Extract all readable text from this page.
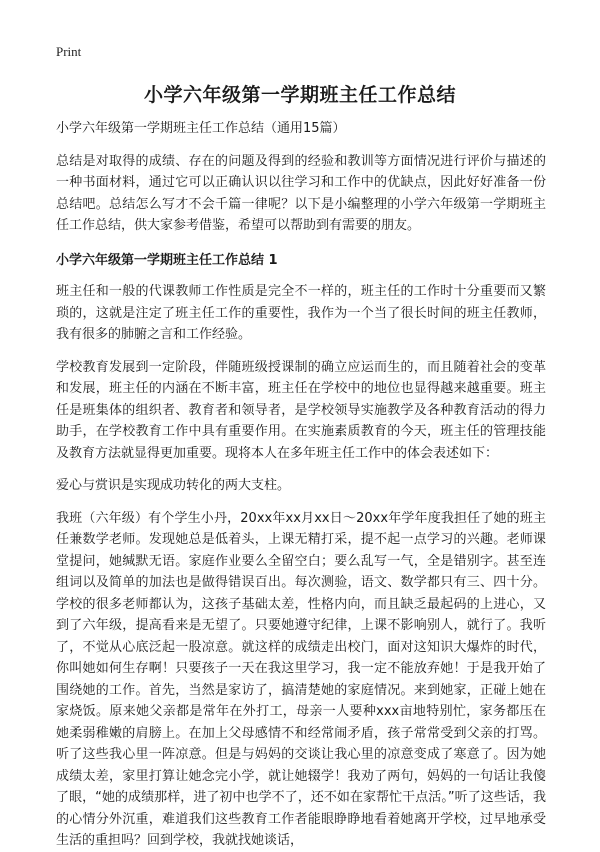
Print
小学六年级第一学期班主任工作总结

小学六年级第一学期班主任工作总结（通用15篇）

总结是对取得的成绩、存在的问题及得到的经验和教训等方面情况进行评价与描述的一种书面材料，通过它可以正确认识以往学习和工作中的优缺点，因此好好准备一份总结吧。总结怎么写才不会千篇一律呢？以下是小编整理的小学六年级第一学期班主任工作总结，供大家参考借鉴，希望可以帮助到有需要的朋友。

小学六年级第一学期班主任工作总结 1

班主任和一般的代课教师工作性质是完全不一样的，班主任的工作时十分重要而又繁琐的，这就是注定了班主任工作的重要性，我作为一个当了很长时间的班主任教师，我有很多的肺腑之言和工作经验。

学校教育发展到一定阶段，伴随班级授课制的确立应运而生的，而且随着社会的变革和发展，班主任的内涵在不断丰富，班主任在学校中的地位也显得越来越重要。班主任是班集体的组织者、教育者和领导者，是学校领导实施教学及各种教育活动的得力助手，在学校教育工作中具有重要作用。在实施素质教育的今天，班主任的管理技能及教育方法就显得更加重要。现将本人在多年班主任工作中的体会表述如下：

爱心与赏识是实现成功转化的两大支柱。

我班（六年级）有个学生小丹，20xx年xx月xx日～20xx年学年度我担任了她的班主任兼数学老师。发现她总是低着头，上课无精打采，提不起一点学习的兴趣。老师课堂提问，她缄默无语。家庭作业要么全留空白；要么乱写一气，全是错别字。甚至连组词以及简单的加法也是做得错误百出。每次测验，语文、数学都只有三、四十分。学校的很多老师都认为，这孩子基础太差，性格内向，而且缺乏最起码的上进心，又到了六年级，提高看来是无望了。只要她遵守纪律，上课不影响别人，就行了。我听了，不觉从心底泛起一股凉意。就这样的成绩走出校门，面对这知识大爆炸的时代，你叫她如何生存啊！只要孩子一天在我这里学习，我一定不能放弃她！于是我开始了围绕她的工作。首先，当然是家访了，搞清楚她的家庭情况。来到她家，正碰上她在家烧饭。原来她父亲都是常年在外打工，母亲一人要种xxx亩地特别忙，家务都压在她柔弱稚嫩的肩膀上。在加上父母感情不和经常闹矛盾，孩子常常受到父亲的打骂。听了这些我心里一阵凉意。但是与妈妈的交谈让我心里的凉意变成了寒意了。因为她成绩太差，家里打算让她念完小学，就让她辍学！我劝了两句，妈妈的一句话让我傻了眼，“她的成绩那样，进了初中也学不了，还不如在家帮忙干点活。”听了这些话，我的心情分外沉重，难道我们这些教育工作者能眼睁睁地看着她离开学校，过早地承受生活的重担吗？回到学校，我就找她谈话，
